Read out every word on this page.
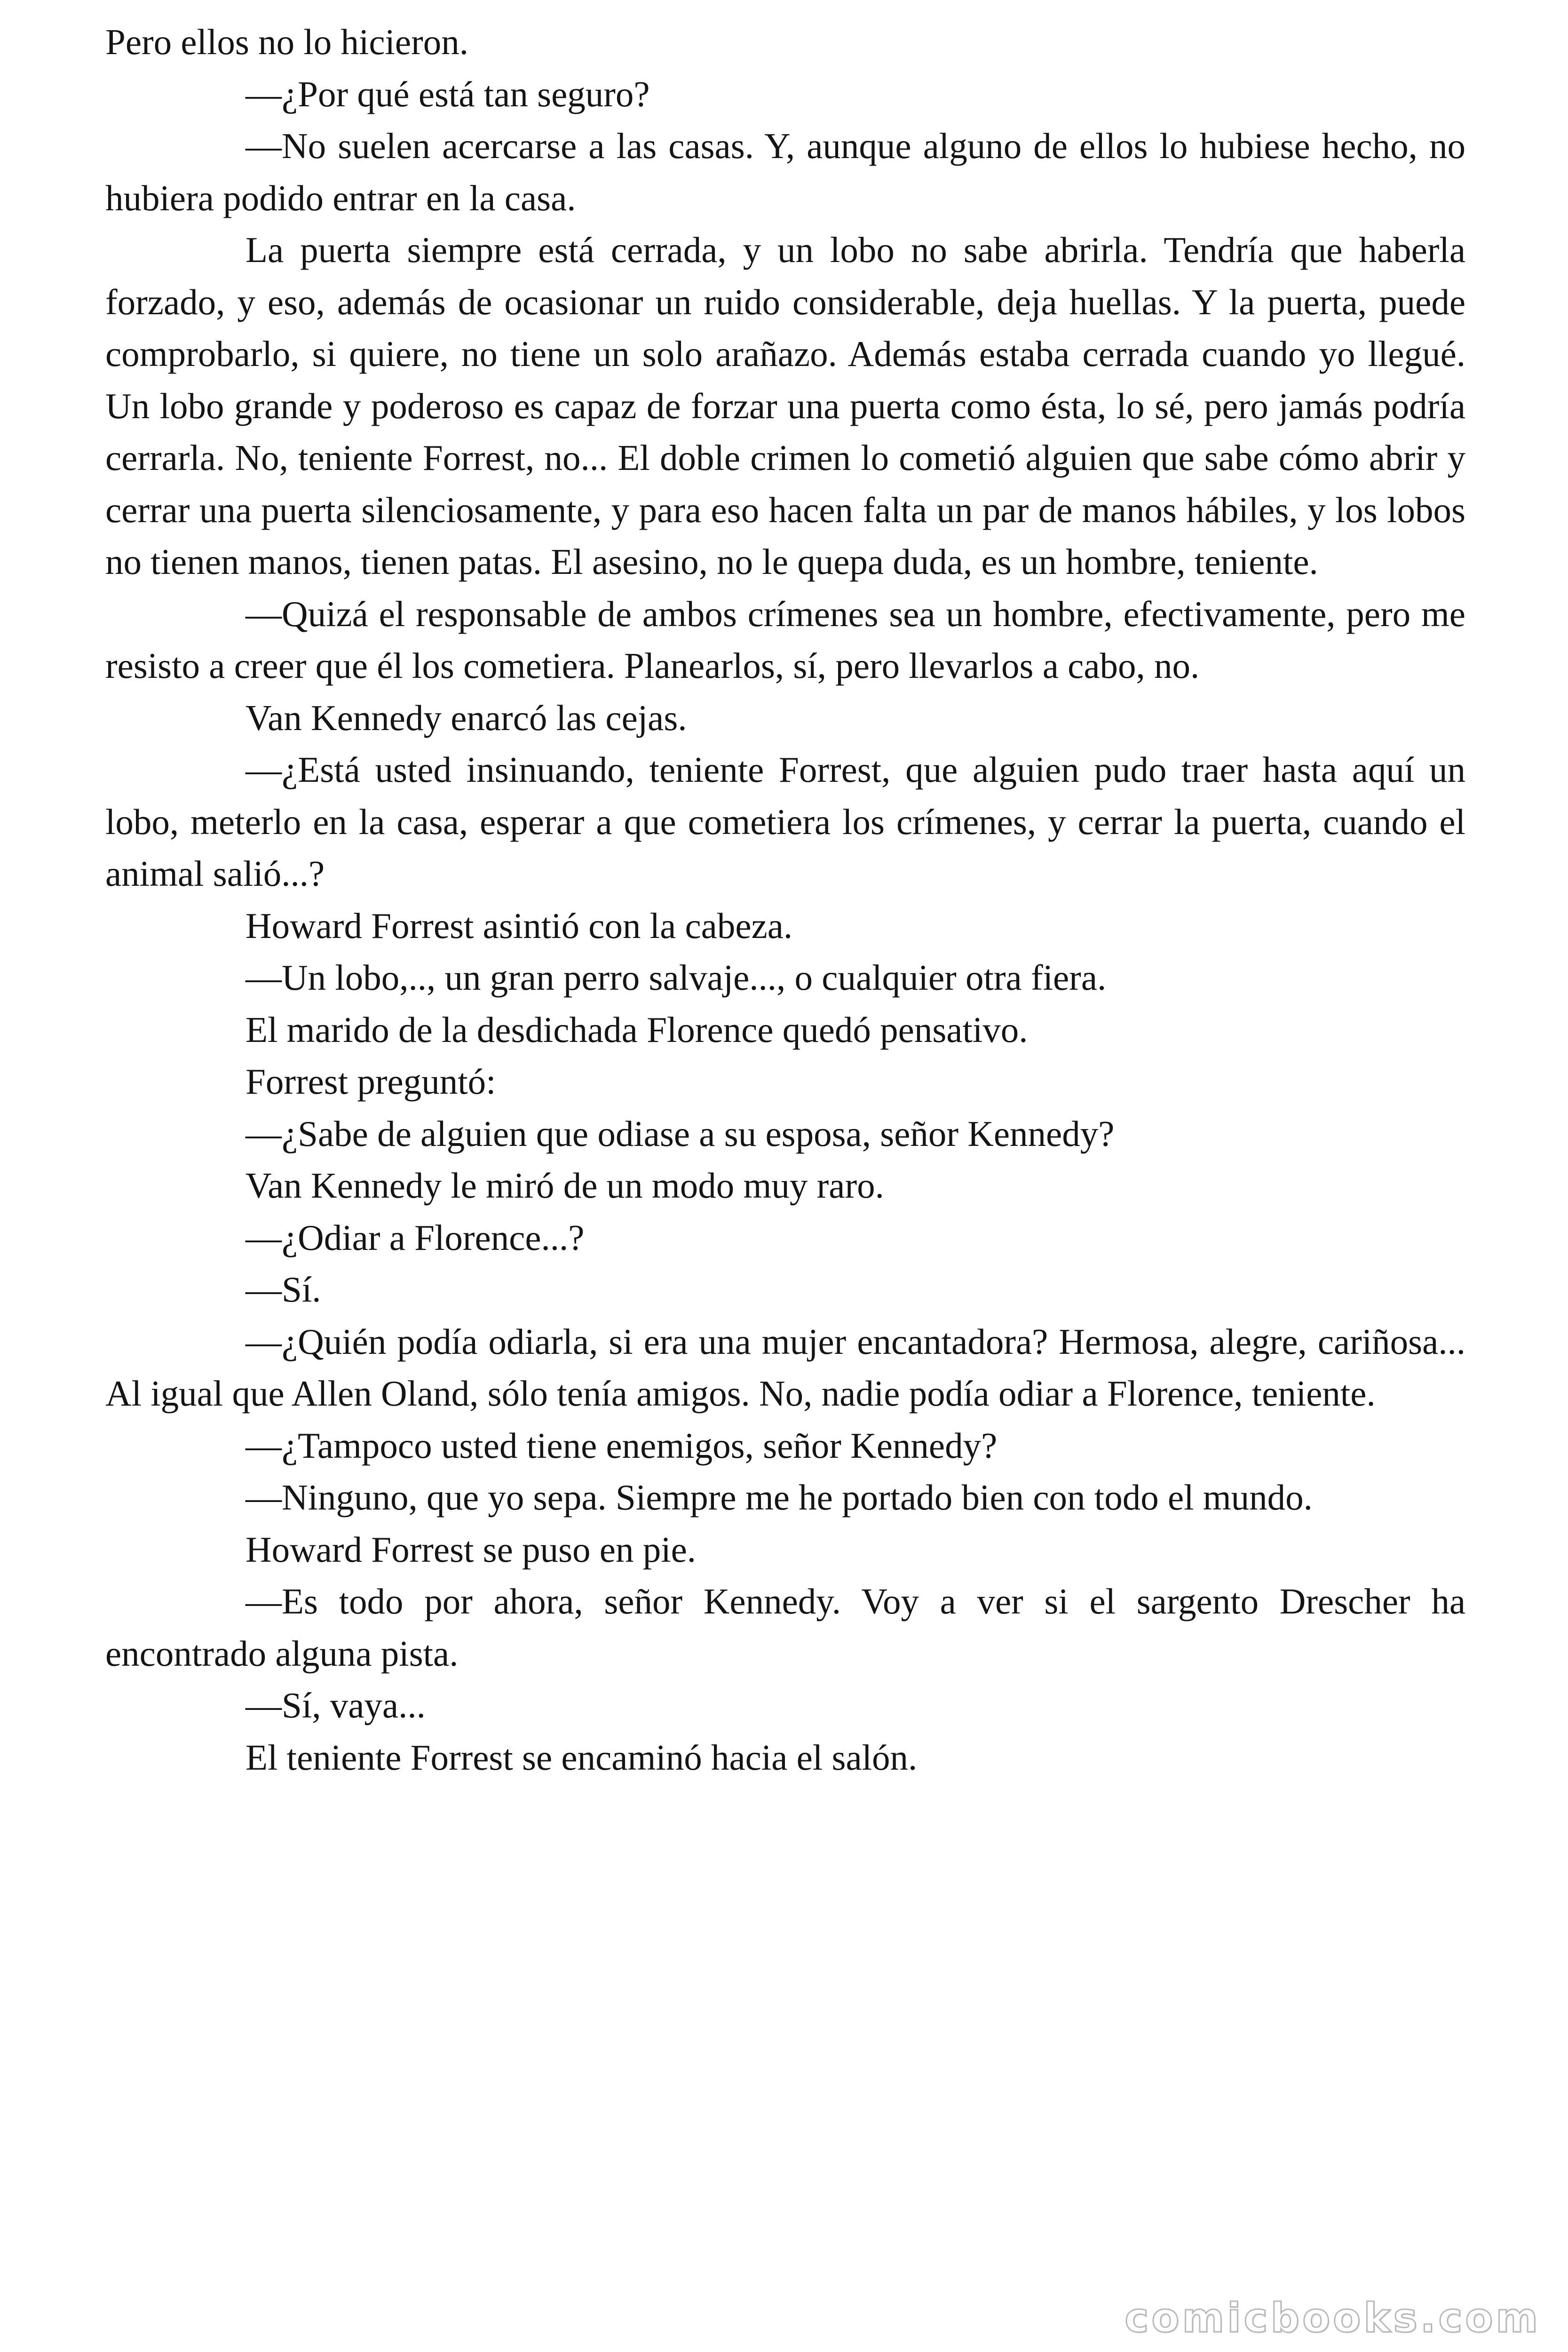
Pero ellos no lo hicieron.

—¿Por qué está tan seguro?

—No suelen acercarse a las casas. Y, aunque alguno de ellos lo hubiese hecho, no hubiera podido entrar en la casa.

La puerta siempre está cerrada, y un lobo no sabe abrirla. Tendría que haberla forzado, y eso, además de ocasionar un ruido considerable, deja huellas. Y la puerta, puede comprobarlo, si quiere, no tiene un solo arañazo. Además estaba cerrada cuando yo llegué. Un lobo grande y poderoso es capaz de forzar una puerta como ésta, lo sé, pero jamás podría cerrarla. No, teniente Forrest, no... El doble crimen lo cometió alguien que sabe cómo abrir y cerrar una puerta silenciosamente, y para eso hacen falta un par de manos hábiles, y los lobos no tienen manos, tienen patas. El asesino, no le quepa duda, es un hombre, teniente.

—Quizá el responsable de ambos crímenes sea un hombre, efectivamente, pero me resisto a creer que él los cometiera. Planearlos, sí, pero llevarlos a cabo, no.

Van Kennedy enarcó las cejas.

—¿Está usted insinuando, teniente Forrest, que alguien pudo traer hasta aquí un lobo, meterlo en la casa, esperar a que cometiera los crímenes, y cerrar la puerta, cuando el animal salió...?

Howard Forrest asintió con la cabeza.

—Un lobo,.., un gran perro salvaje..., o cualquier otra fiera.

El marido de la desdichada Florence quedó pensativo.

Forrest preguntó:

—¿Sabe de alguien que odiase a su esposa, señor Kennedy?

Van Kennedy le miró de un modo muy raro.

—¿Odiar a Florence...?

—Sí.

—¿Quién podía odiarla, si era una mujer encantadora? Hermosa, alegre, cariñosa... Al igual que Allen Oland, sólo tenía amigos. No, nadie podía odiar a Florence, teniente.

—¿Tampoco usted tiene enemigos, señor Kennedy?

—Ninguno, que yo sepa. Siempre me he portado bien con todo el mundo.

Howard Forrest se puso en pie.

—Es todo por ahora, señor Kennedy. Voy a ver si el sargento Drescher ha encontrado alguna pista.

—Sí, vaya...

El teniente Forrest se encaminó hacia el salón.

comicbooks.com
